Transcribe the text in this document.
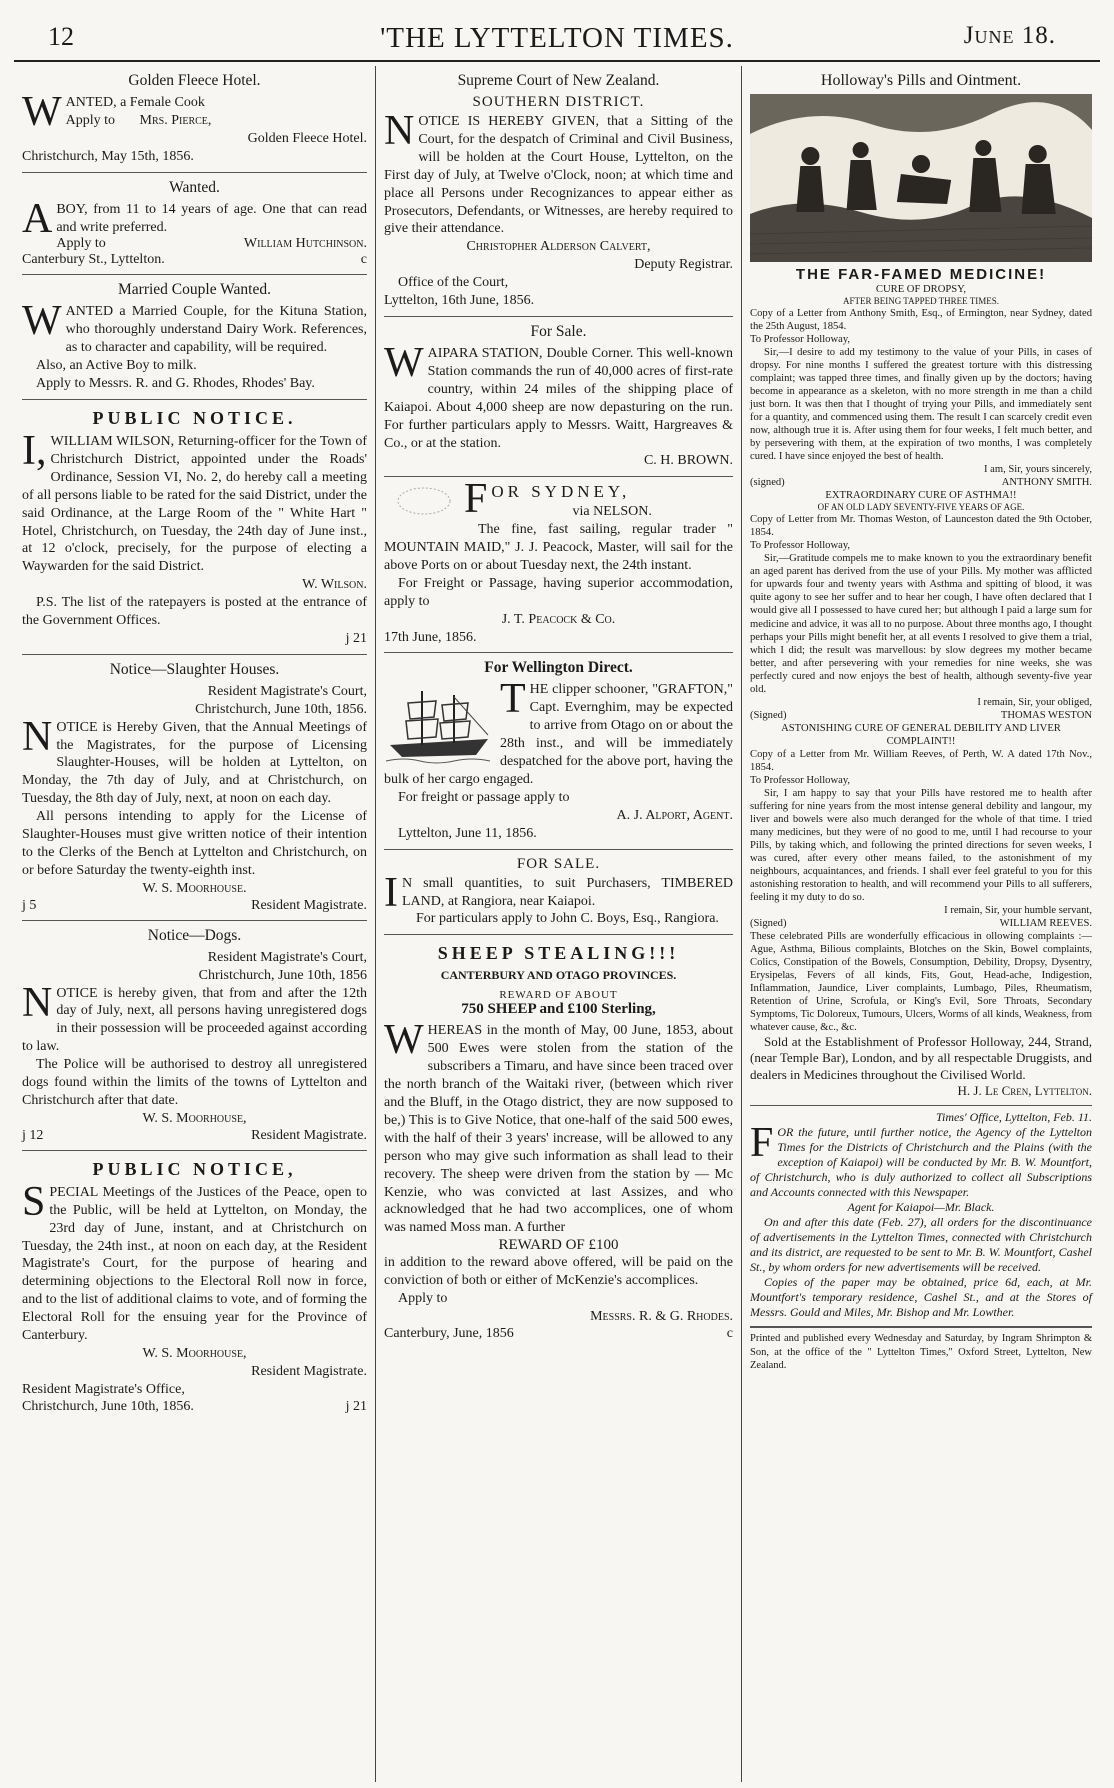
12	'THE LYTTELTON TIMES.	June 18.
Golden Fleece Hotel.

WANTED, a Female Cook

Apply to Mrs. Pierce,

Golden Fleece Hotel.

Christchurch, May 15th, 1856.

Wanted.

ABOY, from 11 to 14 years of age. One that can read and write preferred.

Apply to	William Hutchinson.
Canterbury St., Lyttelton.	c
Married Couple Wanted.

WANTED a Married Couple, for the Kituna Station, who thoroughly understand Dairy Work. References, as to character and capability, will be required.

Also, an Active Boy to milk.

Apply to Messrs. R. and G. Rhodes, Rhodes' Bay.

PUBLIC NOTICE.

I, WILLIAM WILSON, Returning-officer for the Town of Christchurch District, appointed under the Roads' Ordinance, Session VI, No. 2, do hereby call a meeting of all persons liable to be rated for the said District, under the said Ordinance, at the Large Room of the " White Hart " Hotel, Christchurch, on Tuesday, the 24th day of June inst., at 12 o'clock, precisely, for the purpose of electing a Waywarden for the said District.

W. Wilson.

P.S. The list of the ratepayers is posted at the entrance of the Government Offices.

j 21

Notice—Slaughter Houses.

Resident Magistrate's Court,

Christchurch, June 10th, 1856.

NOTICE is Hereby Given, that the Annual Meetings of the Magistrates, for the purpose of Licensing Slaughter-Houses, will be holden at Lyttelton, on Monday, the 7th day of July, and at Christchurch, on Tuesday, the 8th day of July, next, at noon on each day.

All persons intending to apply for the License of Slaughter-Houses must give written notice of their intention to the Clerks of the Bench at Lyttelton and Christchurch, on or before Saturday the twenty-eighth inst.

W. S. Moorhouse.

j 5	Resident Magistrate.
Notice—Dogs.

Resident Magistrate's Court,

Christchurch, June 10th, 1856

NOTICE is hereby given, that from and after the 12th day of July, next, all persons having unregistered dogs in their possession will be proceeded against according to law.

The Police will be authorised to destroy all unregistered dogs found within the limits of the towns of Lyttelton and Christchurch after that date.

W. S. Moorhouse,

j 12	Resident Magistrate.
PUBLIC NOTICE,

SPECIAL Meetings of the Justices of the Peace, open to the Public, will be held at Lyttelton, on Monday, the 23rd day of June, instant, and at Christchurch on Tuesday, the 24th inst., at noon on each day, at the Resident Magistrate's Court, for the purpose of hearing and determining objections to the Electoral Roll now in force, and to the list of additional claims to vote, and of forming the Electoral Roll for the ensuing year for the Province of Canterbury.

W. S. Moorhouse,

Resident Magistrate.

Resident Magistrate's Office,

Christchurch, June 10th, 1856.	j 21
Supreme Court of New Zealand.
SOUTHERN DISTRICT.

NOTICE IS HEREBY GIVEN, that a Sitting of the Court, for the despatch of Criminal and Civil Business, will be holden at the Court House, Lyttelton, on the First day of July, at Twelve o'Clock, noon; at which time and place all Persons under Recognizances to appear either as Prosecutors, Defendants, or Witnesses, are hereby required to give their attendance.

Christopher Alderson Calvert,

Deputy Registrar.

Office of the Court,

Lyttelton, 16th June, 1856.

For Sale.

WAIPARA STATION, Double Corner. This well-known Station commands the run of 40,000 acres of first-rate country, within 24 miles of the shipping place of Kaiapoi. About 4,000 sheep are now depasturing on the run. For further particulars apply to Messrs. Waitt, Hargreaves & Co., or at the station.

C. H. BROWN.

FOR SYDNEY,

via NELSON.

The fine, fast sailing, regular trader " MOUNTAIN MAID," J. J. Peacock, Master, will sail for the above Ports on or about Tuesday next, the 24th instant.

For Freight or Passage, having superior accommodation, apply to

J. T. Peacock & Co.

17th June, 1856.

For Wellington Direct.

THE clipper schooner, "GRAFTON," Capt. Evernghim, may be expected to arrive from Otago on or about the 28th inst., and will be immediately despatched for the above port, having the bulk of her cargo engaged.

For freight or passage apply to

A. J. Alport, Agent.

Lyttelton, June 11, 1856.

FOR SALE.

I N small quantities, to suit Purchasers, TIMBERED LAND, at Rangiora, near Kaiapoi.

For particulars apply to John C. Boys, Esq., Rangiora.

SHEEP STEALING!!!
CANTERBURY AND OTAGO PROVINCES.
REWARD OF ABOUT
750 SHEEP and £100 Sterling,

WHEREAS in the month of May, 00 June, 1853, about 500 Ewes were stolen from the station of the subscribers a Timaru, and have since been traced over the north branch of the Waitaki river, (between which river and the Bluff, in the Otago district, they are now supposed to be,) This is to Give Notice, that one-half of the said 500 ewes, with the half of their 3 years' increase, will be allowed to any person who may give such information as shall lead to their recovery. The sheep were driven from the station by — Mc Kenzie, who was convicted at last Assizes, and who acknowledged that he had two accomplices, one of whom was named Moss man. A further

REWARD OF £100

in addition to the reward above offered, will be paid on the conviction of both or either of McKenzie's accomplices.

Apply to

Messrs. R. & G. Rhodes.

Canterbury, June, 1856	c
Holloway's Pills and Ointment.
THE FAR-FAMED MEDICINE!
CURE OF DROPSY,
AFTER BEING TAPPED THREE TIMES.

Copy of a Letter from Anthony Smith, Esq., of Ermington, near Sydney, dated the 25th August, 1854.

To Professor Holloway,

Sir,—I desire to add my testimony to the value of your Pills, in cases of dropsy. For nine months I suffered the greatest torture with this distressing complaint; was tapped three times, and finally given up by the doctors; having become in appearance as a skeleton, with no more strength in me than a child just born. It was then that I thought of trying your Pills, and immediately sent for a quantity, and commenced using them. The result I can scarcely credit even now, although true it is. After using them for four weeks, I felt much better, and by persevering with them, at the expiration of two months, I was completely cured. I have since enjoyed the best of health.

I am, Sir, yours sincerely,

(signed)	ANTHONY SMITH.
EXTRAORDINARY CURE OF ASTHMA!!
OF AN OLD LADY SEVENTY-FIVE YEARS OF AGE.

Copy of Letter from Mr. Thomas Weston, of Launceston dated the 9th October, 1854.

To Professor Holloway,

Sir,—Gratitude compels me to make known to you the extraordinary benefit an aged parent has derived from the use of your Pills. My mother was afflicted for upwards four and twenty years with Asthma and spitting of blood, it was quite agony to see her suffer and to hear her cough, I have often declared that I would give all I possessed to have cured her; but although I paid a large sum for medicine and advice, it was all to no purpose. About three months ago, I thought perhaps your Pills might benefit her, at all events I resolved to give them a trial, which I did; the result was marvellous: by slow degrees my mother became better, and after persevering with your remedies for nine weeks, she was perfectly cured and now enjoys the best of health, although seventy-five year old.

I remain, Sir, your obliged,

(Signed)	THOMAS WESTON
ASTONISHING CURE OF GENERAL DEBILITY AND LIVER COMPLAINT!!

Copy of a Letter from Mr. William Reeves, of Perth, W. A dated 17th Nov., 1854.

To Professor Holloway,

Sir, I am happy to say that your Pills have restored me to health after suffering for nine years from the most intense general debility and langour, my liver and bowels were also much deranged for the whole of that time. I tried many medicines, but they were of no good to me, until I had recourse to your Pills, by taking which, and following the printed directions for seven weeks, I was cured, after every other means failed, to the astonishment of my neighbours, acquaintances, and friends. I shall ever feel grateful to you for this astonishing restoration to health, and will recommend your Pills to all sufferers, feeling it my duty to do so.

I remain, Sir, your humble servant,

(Signed)	WILLIAM REEVES.

These celebrated Pills are wonderfully efficacious in ollowing complaints :— Ague, Asthma, Bilious complaints, Blotches on the Skin, Bowel complaints, Colics, Constipation of the Bowels, Consumption, Debility, Dropsy, Dysentry, Erysipelas, Fevers of all kinds, Fits, Gout, Head-ache, Indigestion, Inflammation, Jaundice, Liver complaints, Lumbago, Piles, Rheumatism, Retention of Urine, Scrofula, or King's Evil, Sore Throats, Secondary Symptoms, Tic Doloreux, Tumours, Ulcers, Worms of all kinds, Weakness, from whatever cause, &c., &c.

Sold at the Establishment of Professor Holloway, 244, Strand, (near Temple Bar), London, and by all respectable Druggists, and dealers in Medicines throughout the Civilised World.

H. J. Le Cren, Lyttelton.

Times' Office, Lyttelton, Feb. 11.

FOR the future, until further notice, the Agency of the Lyttelton Times for the Districts of Christchurch and the Plains (with the exception of Kaiapoi) will be conducted by Mr. B. W. Mountfort, of Christchurch, who is duly authorized to collect all Subscriptions and Accounts connected with this Newspaper.

Agent for Kaiapoi—Mr. Black.

On and after this date (Feb. 27), all orders for the discontinuance of advertisements in the Lyttelton Times, connected with Christchurch and its district, are requested to be sent to Mr. B. W. Mountfort, Cashel St., by whom orders for new advertisements will be received.

Copies of the paper may be obtained, price 6d, each, at Mr. Mountfort's temporary residence, Cashel St., and at the Stores of Messrs. Gould and Miles, Mr. Bishop and Mr. Lowther.

Printed and published every Wednesday and Saturday, by Ingram Shrimpton & Son, at the office of the " Lyttelton Times," Oxford Street, Lyttelton, New Zealand.
